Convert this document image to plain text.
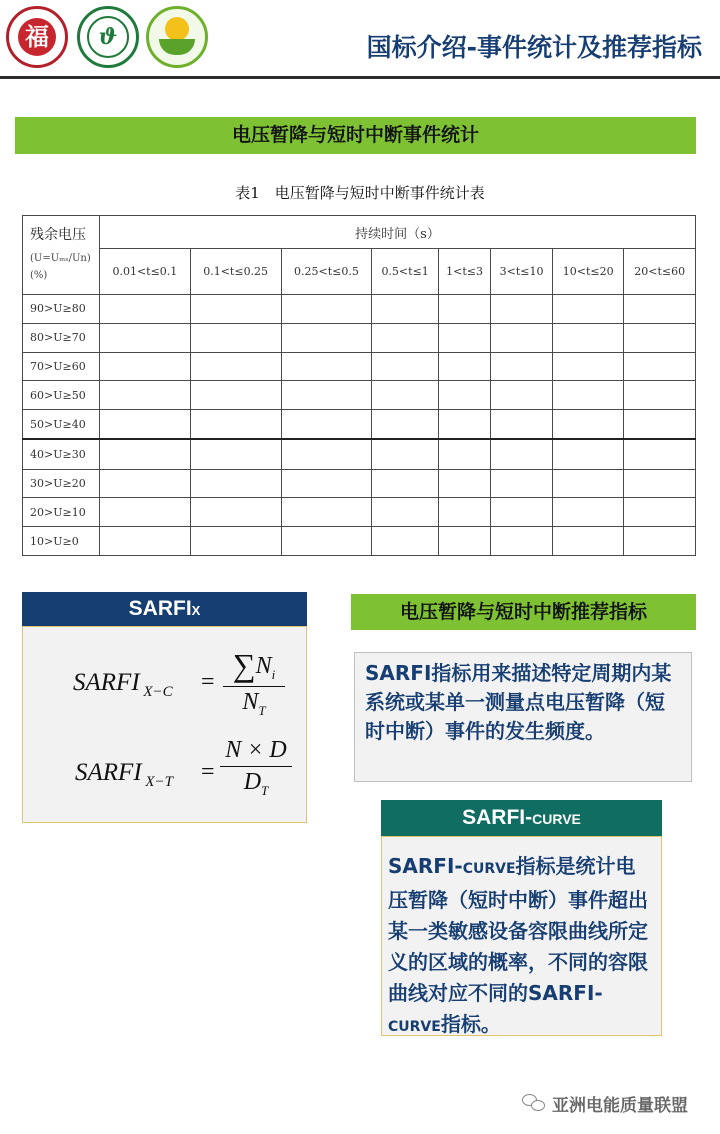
福	ϑ	国标介绍-事件统计及推荐指标
电压暂降与短时中断事件统计
表1　电压暂降与短时中断事件统计表
残余电压
(U=Uₘₛ/Un)
(%)	持续时间（s）							
	0.01<t≤0.1	0.1<t≤0.25	0.25<t≤0.5	0.5<t≤1	1<t≤3	3<t≤10	10<t≤20	20<t≤60
90>U≥80								
80>U≥70								
70>U≥60								
60>U≥50								
50>U≥40								
40>U≥30								
30>U≥20								
20>U≥10								
10>U≥0								
SARFIX
SARFI $_{X-C} = \frac{\sum N_i}{N_T}$
SARFI $_{X-T} = \frac{N \times D}{D_T}$
电压暂降与短时中断推荐指标
SARFI指标用来描述特定周期内某系统或某单一测量点电压暂降（短时中断）事件的发生频度。
SARFI-CURVE
SARFI-CURVE指标是统计电压暂降（短时中断）事件超出某一类敏感设备容限曲线所定义的区域的概率，不同的容限曲线对应不同的SARFI-CURVE指标。
亚洲电能质量联盟
